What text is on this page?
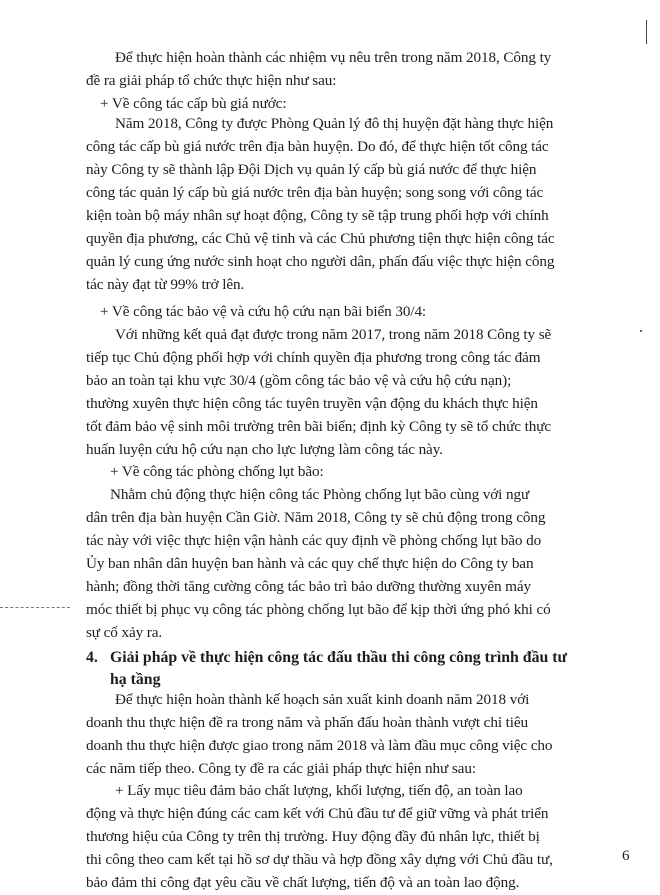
Để thực hiện hoàn thành các nhiệm vụ nêu trên trong năm 2018, Công ty
đề ra giải pháp tổ chức thực hiện như sau:
+ Về công tác cấp bù giá nước:
Năm 2018, Công ty được Phòng Quản lý đô thị huyện đặt hàng thực hiện
công tác cấp bù giá nước trên địa bàn huyện. Do đó, để thực hiện tốt công tác
này Công ty sẽ thành lập Đội Dịch vụ quản lý cấp bù giá nước để thực hiện
công tác quản lý cấp bù giá nước trên địa bàn huyện; song song với công tác
kiện toàn bộ máy nhân sự hoạt động, Công ty sẽ tập trung phối hợp với chính
quyền địa phương, các Chủ vệ tinh và các Chủ phương tiện thực hiện công tác
quản lý cung ứng nước sinh hoạt cho người dân, phấn đấu việc thực hiện công
tác này đạt từ 99% trở lên.
+ Về công tác bảo vệ và cứu hộ cứu nạn bãi biển 30/4:
Với những kết quả đạt được trong năm 2017, trong năm 2018 Công ty sẽ
tiếp tục Chủ động phối hợp với chính quyền địa phương trong công tác đảm
bảo an toàn tại khu vực 30/4 (gồm công tác bảo vệ và cứu hộ cứu nạn);
thường xuyên thực hiện công tác tuyên truyền vận động du khách thực hiện
tốt đảm bảo vệ sinh môi trường trên bãi biển; định kỳ Công ty sẽ tổ chức thực
huấn luyện cứu hộ cứu nạn cho lực lượng làm công tác này.
+ Về công tác phòng chống lụt bão:
Nhằm chủ động thực hiện công tác Phòng chống lụt bão cùng với ngư
dân trên địa bàn huyện Cần Giờ. Năm 2018, Công ty sẽ chủ động trong công
tác này với việc thực hiện vận hành các quy định về phòng chống lụt bão do
Ủy ban nhân dân huyện ban hành và các quy chế thực hiện do Công ty ban
hành; đồng thời tăng cường công tác bảo trì bảo dưỡng thường xuyên máy
móc thiết bị phục vụ công tác phòng chống lụt bão để kịp thời ứng phó khi có
sự cố xảy ra.
4. Giải pháp về thực hiện công tác đấu thầu thi công công trình đầu tư
hạ tầng
Để thực hiện hoàn thành kế hoạch sản xuất kinh doanh năm 2018 với
doanh thu thực hiện đề ra trong năm và phấn đấu hoàn thành vượt chỉ tiêu
doanh thu thực hiện được giao trong năm 2018 và làm đầu mục công việc cho
các năm tiếp theo. Công ty đề ra các giải pháp thực hiện như sau:
+ Lấy mục tiêu đảm bảo chất lượng, khối lượng, tiến độ, an toàn lao
động và thực hiện đúng các cam kết với Chủ đầu tư để giữ vững và phát triển
thương hiệu của Công ty trên thị trường. Huy động đầy đủ nhân lực, thiết bị
thi công theo cam kết tại hồ sơ dự thầu và hợp đồng xây dựng với Chủ đầu tư,
bảo đảm thi công đạt yêu cầu về chất lượng, tiến độ và an toàn lao động.
6
